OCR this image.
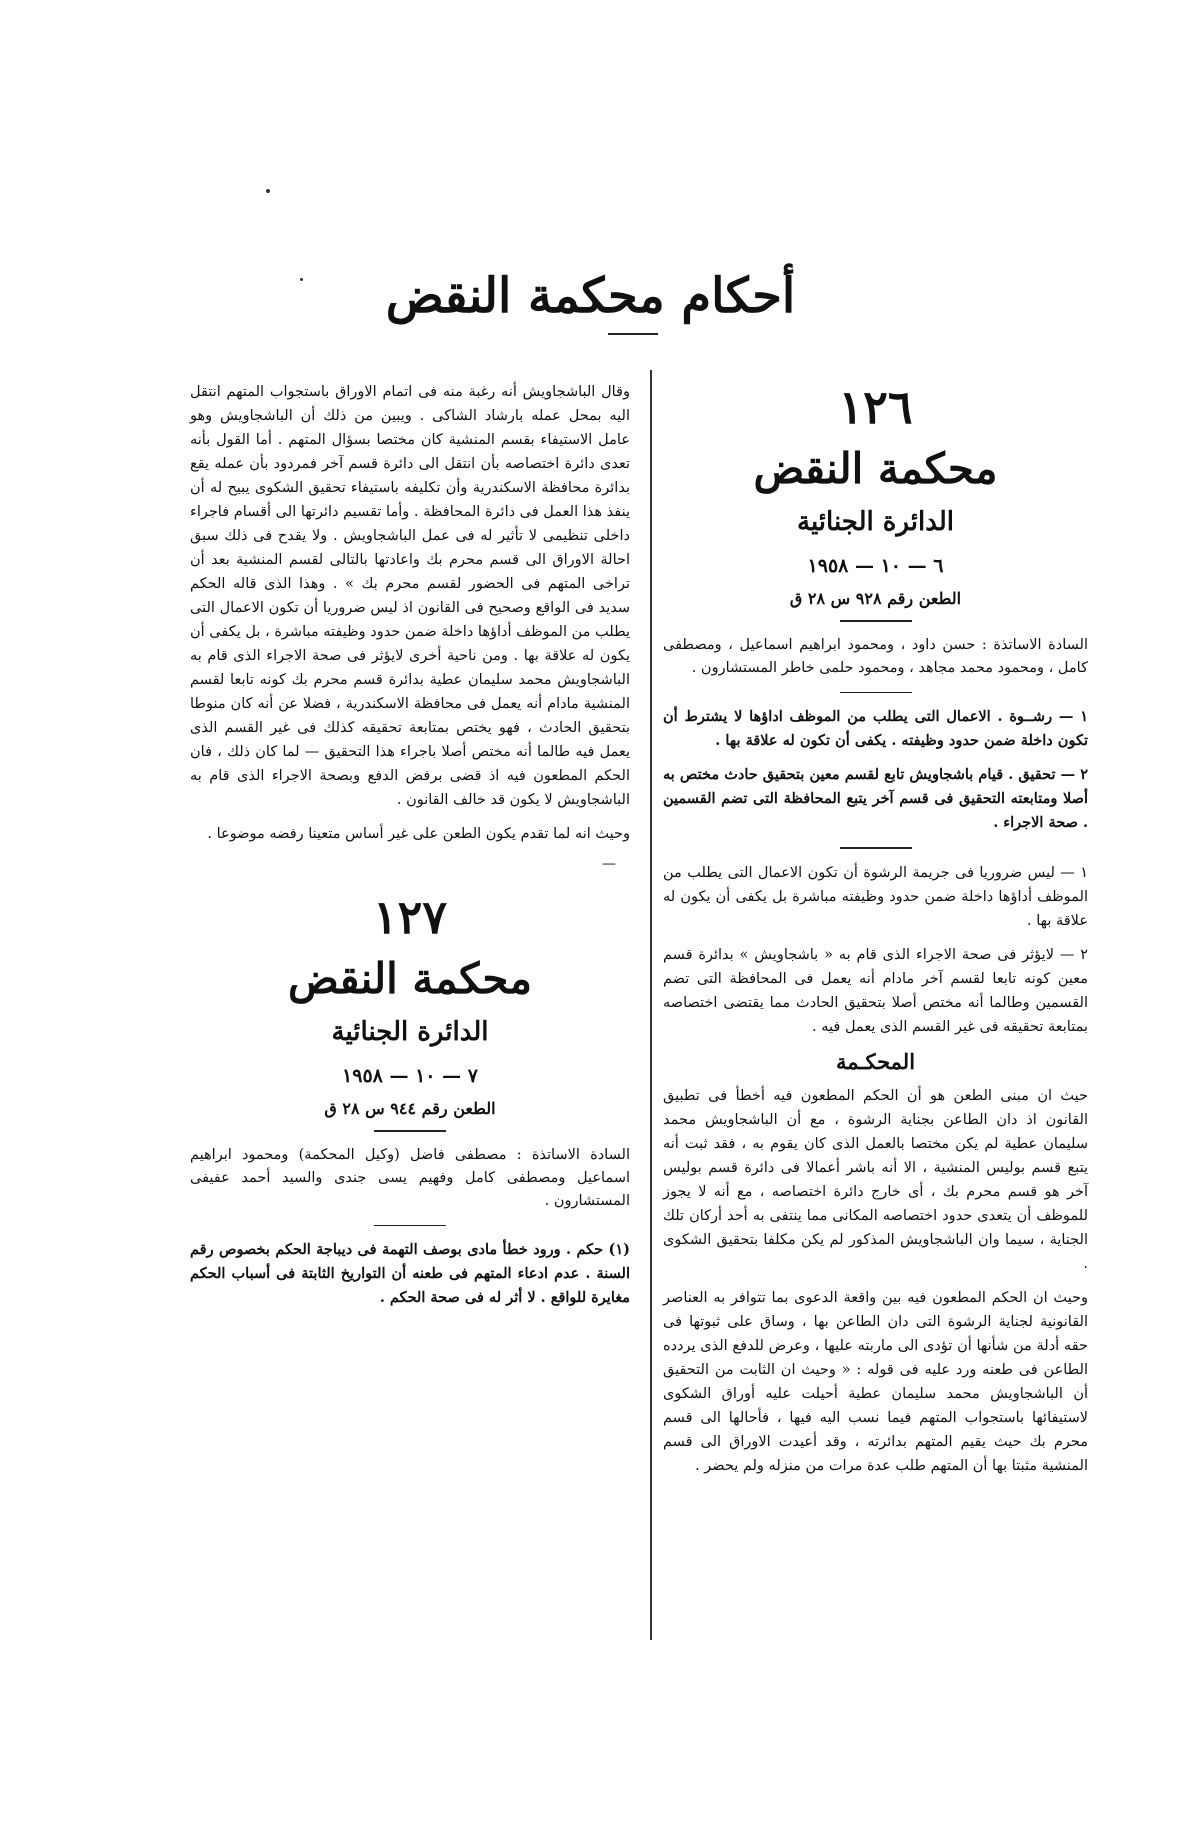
أحكام محكمة النقض
١٢٦
محكمة النقض
الدائرة الجنائية
٦ — ١٠ — ١٩٥٨
الطعن رقم ٩٢٨ س ٢٨ ق

السادة الاساتذة : حسن داود ، ومحمود ابراهيم اسماعيل ، ومصطفى كامل ، ومحمود محمد مجاهد ، ومحمود حلمى خاطر المستشارون .

١ — رشــوة . الاعمال التى يطلب من الموظف اداؤها لا يشترط أن تكون داخلة ضمن حدود وظيفته . يكفى أن تكون له علاقة بها .

٢ — تحقيق . قيام باشجاويش تابع لقسم معين بتحقيق حادث مختص به أصلا ومتابعته التحقيق فى قسم آخر يتبع المحافظة التى تضم القسمين . صحة الاجراء .

١ — ليس ضروريا فى جريمة الرشوة أن تكون الاعمال التى يطلب من الموظف أداؤها داخلة ضمن حدود وظيفته مباشرة بل يكفى أن يكون له علاقة بها .

٢ — لايؤثر فى صحة الاجراء الذى قام به « باشجاويش » بدائرة قسم معين كونه تابعا لقسم آخر مادام أنه يعمل فى المحافظة التى تضم القسمين وطالما أنه مختص أصلا بتحقيق الحادث مما يقتضى اختصاصه بمتابعة تحقيقه فى غير القسم الذى يعمل فيه .

المحكـمة

حيث ان مبنى الطعن هو أن الحكم المطعون فيه أخطأ فى تطبيق القانون اذ دان الطاعن بجناية الرشوة ، مع أن الباشجاويش محمد سليمان عطية لم يكن مختصا بالعمل الذى كان يقوم به ، فقد ثبت أنه يتبع قسم بوليس المنشية ، الا أنه باشر أعمالا فى دائرة قسم بوليس آخر هو قسم محرم بك ، أى خارج دائرة اختصاصه ، مع أنه لا يجوز للموظف أن يتعدى حدود اختصاصه المكانى مما ينتفى به أحد أركان تلك الجناية ، سيما وان الباشجاويش المذكور لم يكن مكلفا بتحقيق الشكوى .

وحيث ان الحكم المطعون فيه بين واقعة الدعوى بما تتوافر به العناصر القانونية لجناية الرشوة التى دان الطاعن بها ، وساق على ثبوتها فى حقه أدلة من شأنها أن تؤدى الى ماربته عليها ، وعرض للدفع الذى يردده الطاعن فى طعنه ورد عليه فى قوله : « وحيث ان الثابت من التحقيق أن الباشجاويش محمد سليمان عطية أحيلت عليه أوراق الشكوى لاستيفائها باستجواب المتهم فيما نسب اليه فيها ، فأحالها الى قسم محرم بك حيث يقيم المتهم بدائرته ، وقد أعيدت الاوراق الى قسم المنشية مثبتا بها أن المتهم طلب عدة مرات من منزله ولم يحضر .

وقال الباشجاويش أنه رغبة منه فى اتمام الاوراق باستجواب المتهم انتقل اليه بمحل عمله بارشاد الشاكى . ويبين من ذلك أن الباشجاويش وهو عامل الاستيفاء بقسم المنشية كان مختصا بسؤال المتهم . أما القول بأنه تعدى دائرة اختصاصه بأن انتقل الى دائرة قسم آخر فمردود بأن عمله يقع بدائرة محافظة الاسكندرية وأن تكليفه باستيفاء تحقيق الشكوى يبيح له أن ينفذ هذا العمل فى دائرة المحافظة . وأما تقسيم دائرتها الى أقسام فاجراء داخلى تنظيمى لا تأثير له فى عمل الباشجاويش . ولا يقدح فى ذلك سبق احالة الاوراق الى قسم محرم بك واعادتها بالتالى لقسم المنشية بعد أن تراخى المتهم فى الحضور لقسم محرم بك » . وهذا الذى قاله الحكم سديد فى الواقع وصحيح فى القانون اذ ليس ضروريا أن تكون الاعمال التى يطلب من الموظف أداؤها داخلة ضمن حدود وظيفته مباشرة ، بل يكفى أن يكون له علاقة بها . ومن ناحية أخرى لايؤثر فى صحة الاجراء الذى قام به الباشجاويش محمد سليمان عطية بدائرة قسم محرم بك كونه تابعا لقسم المنشية مادام أنه يعمل فى محافظة الاسكندرية ، فضلا عن أنه كان منوطا بتحقيق الحادث ، فهو يختص بمتابعة تحقيقه كذلك فى غير القسم الذى يعمل فيه طالما أنه مختص أصلا باجراء هذا التحقيق — لما كان ذلك ، فان الحكم المطعون فيه اذ قضى برفض الدفع وبصحة الاجراء الذى قام به الباشجاويش لا يكون قد خالف القانون .

وحيث انه لما تقدم يكون الطعن على غير أساس متعينا رفضه موضوعا .

—
١٢٧
محكمة النقض
الدائرة الجنائية
٧ — ١٠ — ١٩٥٨
الطعن رقم ٩٤٤ س ٢٨ ق

السادة الاساتذة : مصطفى فاضل (وكيل المحكمة) ومحمود ابراهيم اسماعيل ومصطفى كامل وفهيم يسى جندى والسيد أحمد عفيفى المستشارون .

(١) حكم . ورود خطأ مادى بوصف التهمة فى ديباجة الحكم بخصوص رقم السنة . عدم ادعاء المتهم فى طعنه أن التواريخ الثابتة فى أسباب الحكم مغايرة للواقع . لا أثر له فى صحة الحكم .
